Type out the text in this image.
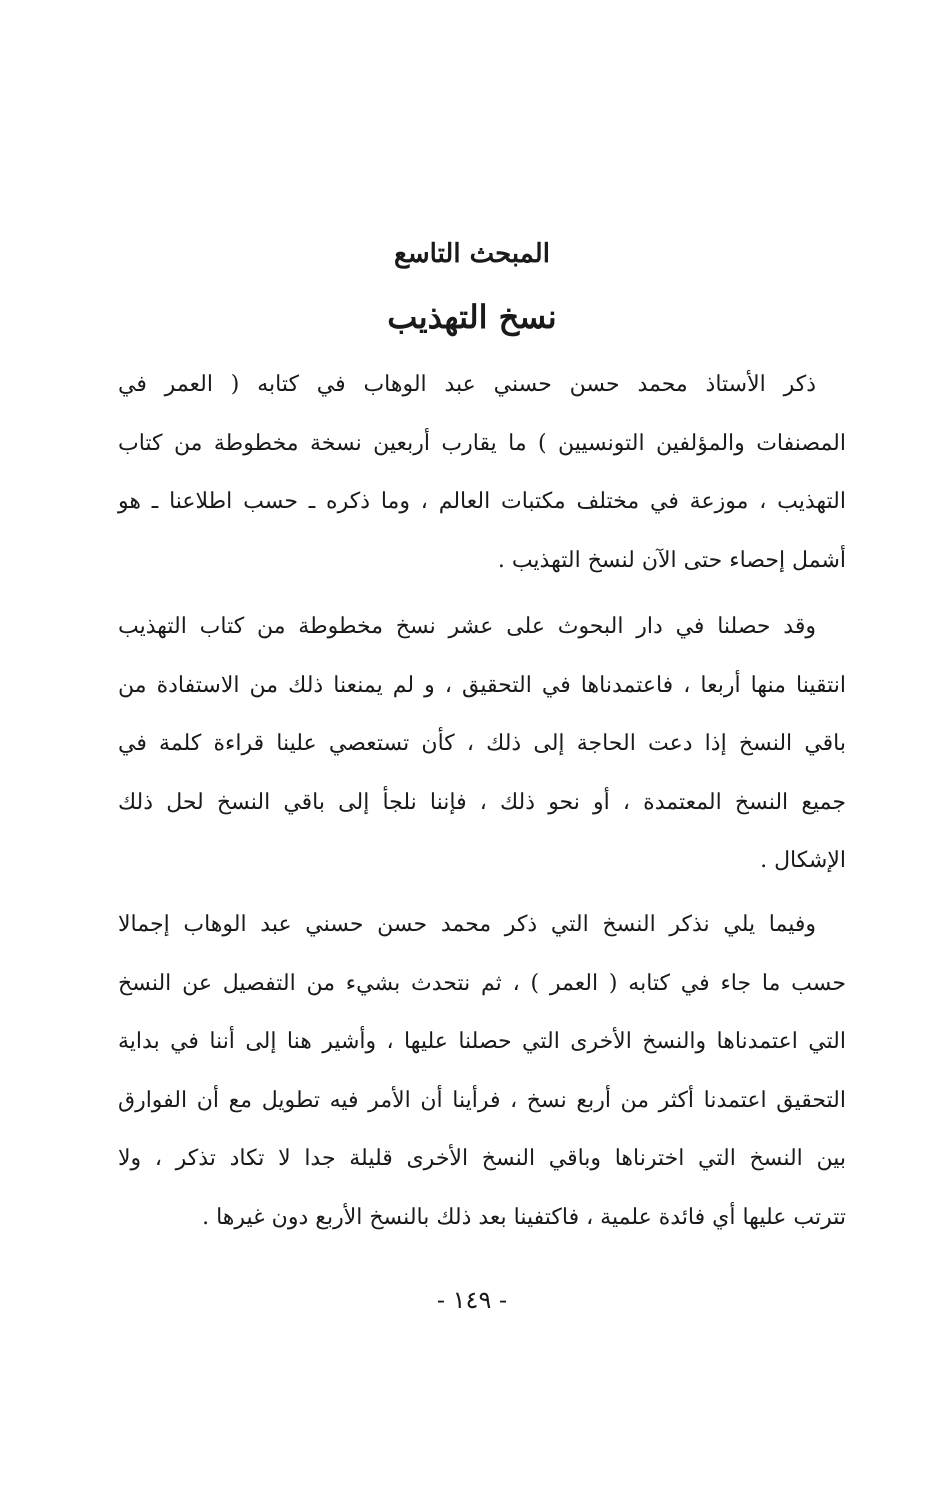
المبحث التاسع
نسخ التهذيب
ذكر الأستاذ محمد حسن حسني عبد الوهاب في كتابه ( العمر في
المصنفات والمؤلفين التونسيين ) ما يقارب أربعين نسخة مخطوطة من كتاب
التهذيب ، موزعة في مختلف مكتبات العالم ، وما ذكره ـ حسب اطلاعنا ـ هو
أشمل إحصاء حتى الآن لنسخ التهذيب .
وقد حصلنا في دار البحوث على عشر نسخ مخطوطة من كتاب التهذيب
انتقينا منها أربعا ، فاعتمدناها في التحقيق ، و لم يمنعنا ذلك من الاستفادة من
باقي النسخ إذا دعت الحاجة إلى ذلك ، كأن تستعصي علينا قراءة كلمة في
جميع النسخ المعتمدة ، أو نحو ذلك ، فإننا نلجأ إلى باقي النسخ لحل ذلك
الإشكال .
وفيما يلي نذكر النسخ التي ذكر محمد حسن حسني عبد الوهاب إجمالا
حسب ما جاء في كتابه ( العمر ) ، ثم نتحدث بشيء من التفصيل عن النسخ
التي اعتمدناها والنسخ الأخرى التي حصلنا عليها ، وأشير هنا إلى أننا في بداية
التحقيق اعتمدنا أكثر من أربع نسخ ، فرأينا أن الأمر فيه تطويل مع أن الفوارق
بين النسخ التي اخترناها وباقي النسخ الأخرى قليلة جدا لا تكاد تذكر ، ولا
تترتب عليها أي فائدة علمية ، فاكتفينا بعد ذلك بالنسخ الأربع دون غيرها .
- ١٤٩ -
